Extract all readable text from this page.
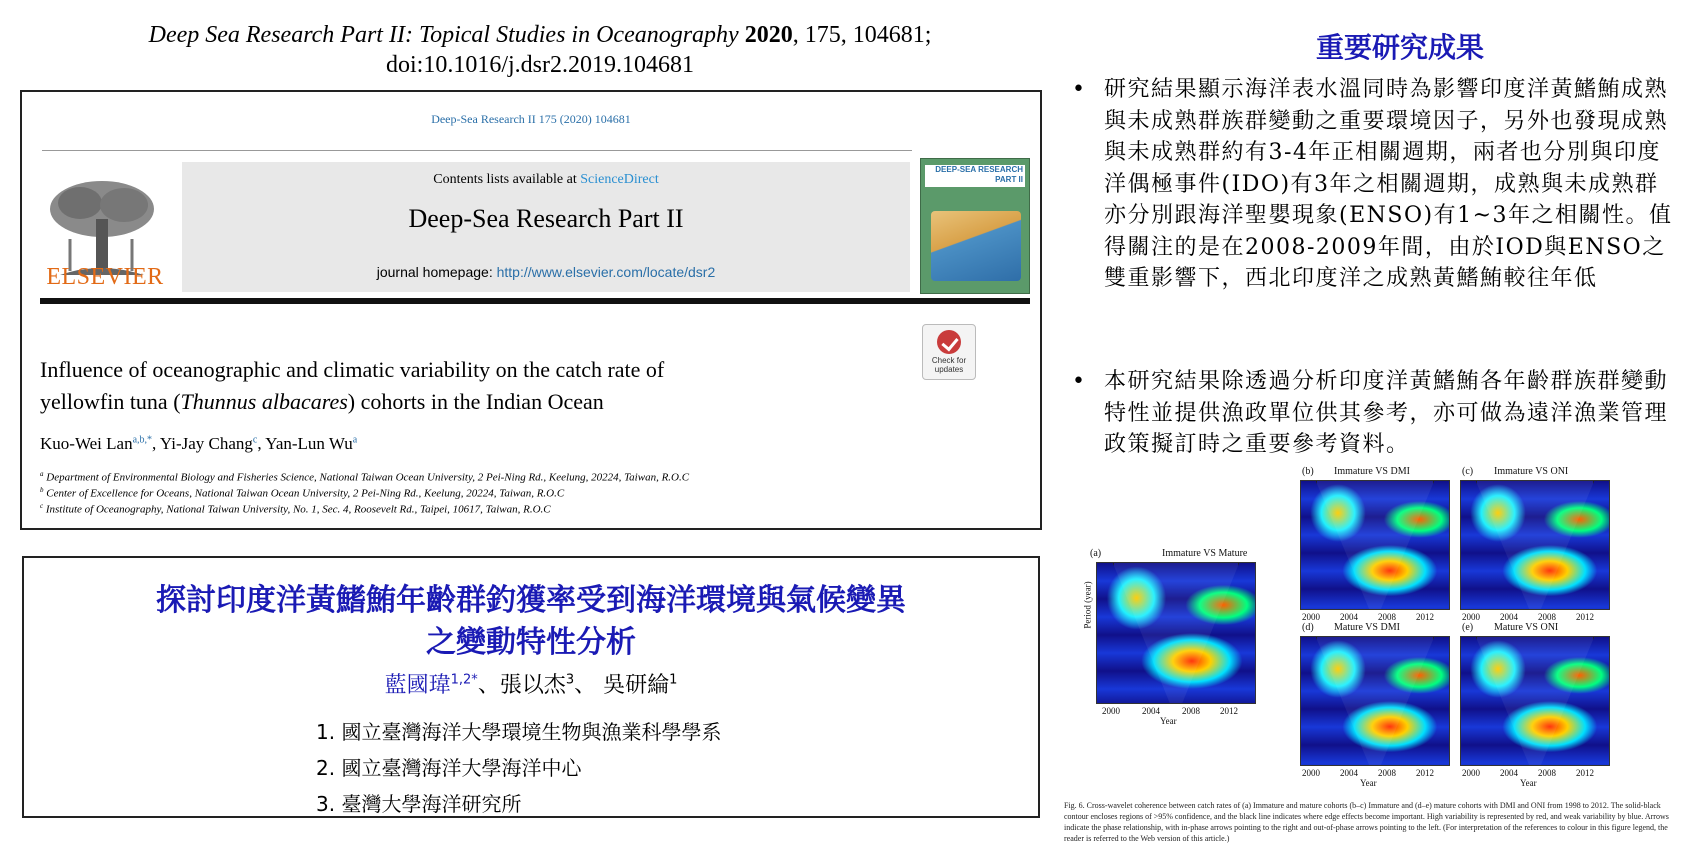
Deep Sea Research Part II: Topical Studies in Oceanography 2020, 175, 104681;
doi:10.1016/j.dsr2.2019.104681
Deep-Sea Research II 175 (2020) 104681
ELSEVIER
Contents lists available at ScienceDirect
Deep-Sea Research Part II
journal homepage: http://www.elsevier.com/locate/dsr2
DEEP-SEA RESEARCH PART II
Check for updates
Influence of oceanographic and climatic variability on the catch rate of
yellowfin tuna (Thunnus albacares) cohorts in the Indian Ocean
Kuo-Wei Lan$^{a,b,*}$, Yi-Jay Chang$^c$, Yan-Lun Wu$^a$
$^a$ Department of Environmental Biology and Fisheries Science, National Taiwan Ocean University, 2 Pei-Ning Rd., Keelung, 20224, Taiwan, R.O.C
$^b$ Center of Excellence for Oceans, National Taiwan Ocean University, 2 Pei-Ning Rd., Keelung, 20224, Taiwan, R.O.C
$^c$ Institute of Oceanography, National Taiwan University, No. 1, Sec. 4, Roosevelt Rd., Taipei, 10617, Taiwan, R.O.C
探討印度洋黃鰭鮪年齡群釣獲率受到海洋環境與氣候變異
之變動特性分析
藍國瑋$^{1,2*}$、張以杰$^3$、 吳研綸$^1$
1. 國立臺灣海洋大學環境生物與漁業科學學系
2. 國立臺灣海洋大學海洋中心
3. 臺灣大學海洋研究所
重要研究成果
• 研究結果顯示海洋表水溫同時為影響印度洋黃鰭鮪成熟與未成熟群族群變動之重要環境因子，另外也發現成熟與未成熟群約有3-4年正相關週期，兩者也分別與印度洋偶極事件(IDO)有3年之相關週期，成熟與未成熟群亦分別跟海洋聖嬰現象(ENSO)有1~3年之相關性。值得關注的是在2008-2009年間，由於IOD與ENSO之雙重影響下，西北印度洋之成熟黃鰭鮪較往年低
• 本研究結果除透過分析印度洋黃鰭鮪各年齡群族群變動特性並提供漁政單位供其參考，亦可做為遠洋漁業管理政策擬訂時之重要參考資料。
(a)	Immature VS Mature
Period (year)
2000 2004 2008 2012
Year
(b) Immature VS DMI	(c) Immature VS ONI
2000 2004 2008 2012	2000 2004 2008 2012
(d) Mature VS DMI	(e) Mature VS ONI
2000 2004 2008 2012	2000 2004 2008 2012
Year	Year
Fig. 6. Cross-wavelet coherence between catch rates of (a) Immature and mature cohorts (b–c) Immature and (d–e) mature cohorts with DMI and ONI from 1998 to 2012. The solid-black contour encloses regions of >95% confidence, and the black line indicates where edge effects become important. High variability is represented by red, and weak variability by blue. Arrows indicate the phase relationship, with in-phase arrows pointing to the right and out-of-phase arrows pointing to the left. (For interpretation of the references to colour in this figure legend, the reader is referred to the Web version of this article.)
